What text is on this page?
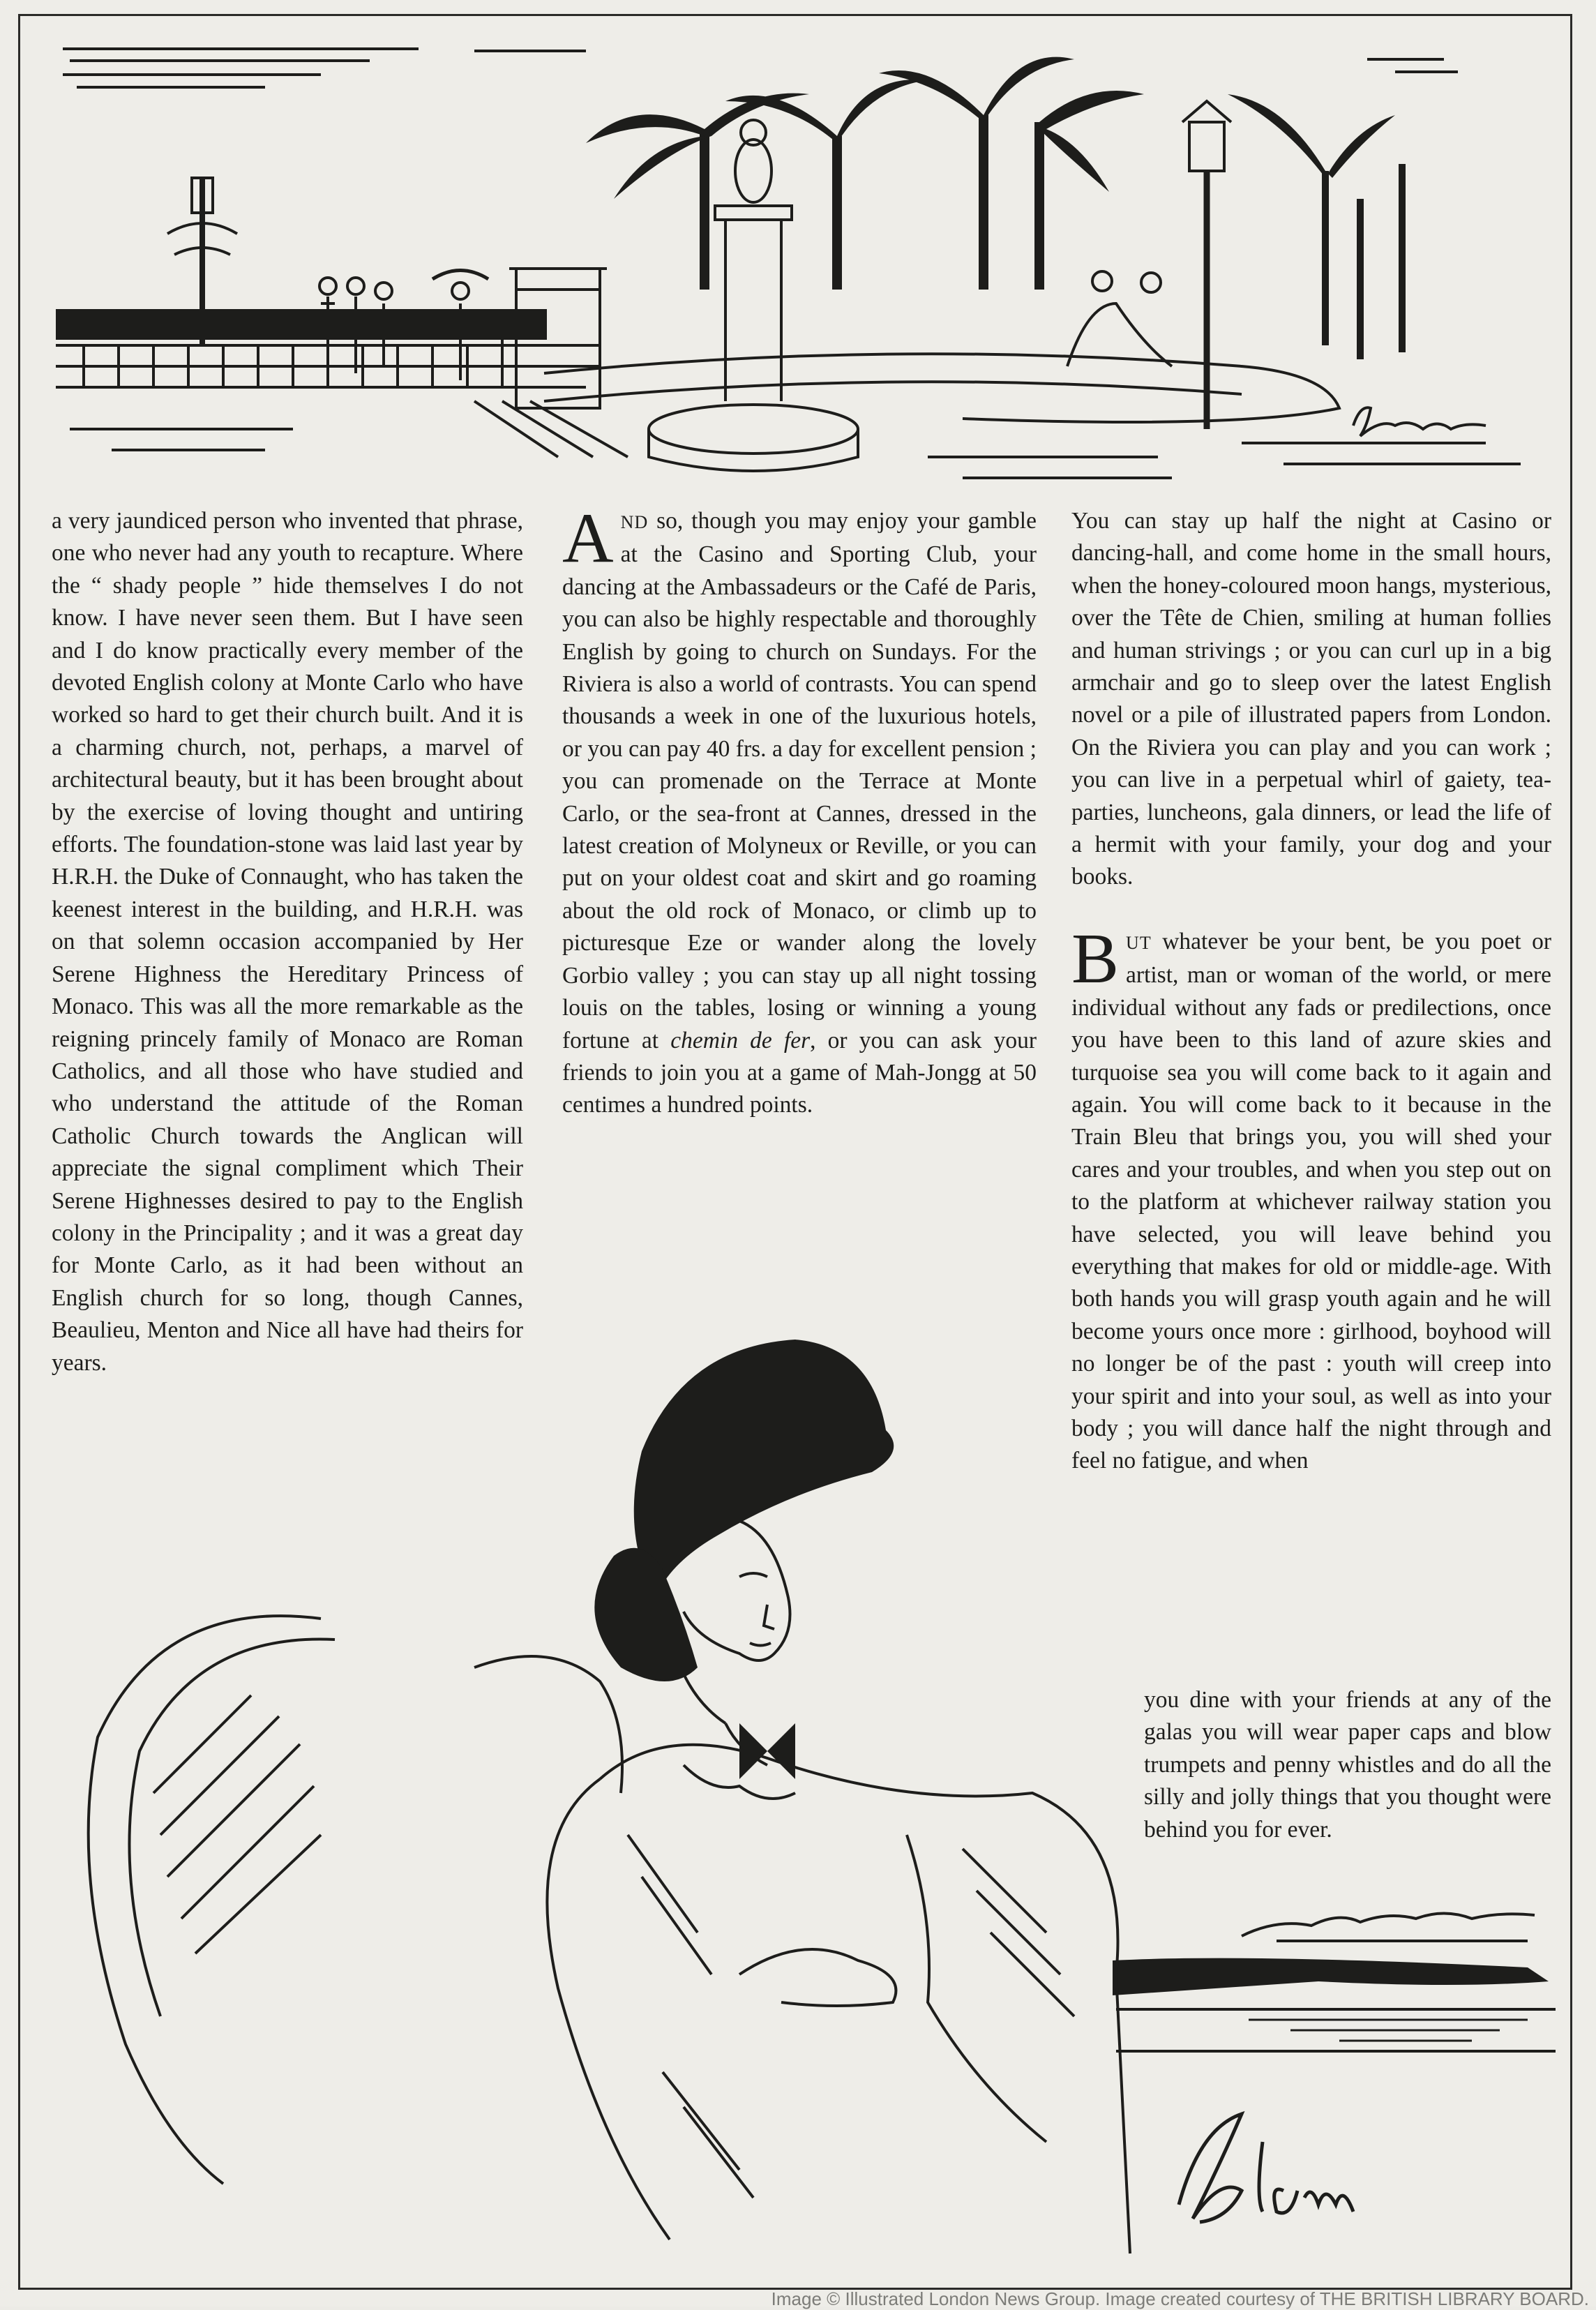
a very jaundiced person who invented that phrase, one who never had any youth to recapture. Where the “ shady people ” hide themselves I do not know. I have never seen them. But I have seen and I do know practically every member of the devoted English colony at Monte Carlo who have worked so hard to get their church built. And it is a charming church, not, perhaps, a marvel of architectural beauty, but it has been brought about by the exercise of loving thought and untiring efforts. The foundation-stone was laid last year by H.R.H. the Duke of Connaught, who has taken the keenest interest in the building, and H.R.H. was on that solemn occasion accompanied by Her Serene Highness the Hereditary Princess of Monaco. This was all the more remarkable as the reigning princely family of Monaco are Roman Catholics, and all those who have studied and who understand the attitude of the Roman Catholic Church towards the Anglican will appreciate the signal compliment which Their Serene Highnesses desired to pay to the English colony in the Principality ; and it was a great day for Monte Carlo, as it had been without an English church for so long, though Cannes, Beaulieu, Menton and Nice all have had theirs for years.

AND so, though you may enjoy your gamble at the Casino and Sporting Club, your dancing at the Ambassadeurs or the Café de Paris, you can also be highly respectable and thoroughly English by going to church on Sundays. For the Riviera is also a world of contrasts. You can spend thousands a week in one of the luxurious hotels, or you can pay 40 frs. a day for excellent pension ; you can promenade on the Terrace at Monte Carlo, or the sea-front at Cannes, dressed in the latest creation of Molyneux or Reville, or you can put on your oldest coat and skirt and go roaming about the old rock of Monaco, or climb up to picturesque Eze or wander along the lovely Gorbio valley ; you can stay up all night tossing louis on the tables, losing or winning a young fortune at chemin de fer, or you can ask your friends to join you at a game of Mah-Jongg at 50 centimes a hundred points.

You can stay up half the night at Casino or dancing-hall, and come home in the small hours, when the honey-coloured moon hangs, mysterious, over the Tête de Chien, smiling at human follies and human strivings ; or you can curl up in a big armchair and go to sleep over the latest English novel or a pile of illustrated papers from London. On the Riviera you can play and you can work ; you can live in a perpetual whirl of gaiety, tea-parties, luncheons, gala dinners, or lead the life of a hermit with your family, your dog and your books.

BUT whatever be your bent, be you poet or artist, man or woman of the world, or mere individual without any fads or predilections, once you have been to this land of azure skies and turquoise sea you will come back to it again and again. You will come back to it because in the Train Bleu that brings you, you will shed your cares and your troubles, and when you step out on to the platform at whichever railway station you have selected, you will leave behind you everything that makes for old or middle-age. With both hands you will grasp youth again and he will become yours once more : girlhood, boyhood will no longer be of the past : youth will creep into your spirit and into your soul, as well as into your body ; you will dance half the night through and feel no fatigue, and when

you dine with your friends at any of the galas you will wear paper caps and blow trumpets and penny whistles and do all the silly and jolly things that you thought were behind you for ever.

Image © Illustrated London News Group. Image created courtesy of THE BRITISH LIBRARY BOARD.
